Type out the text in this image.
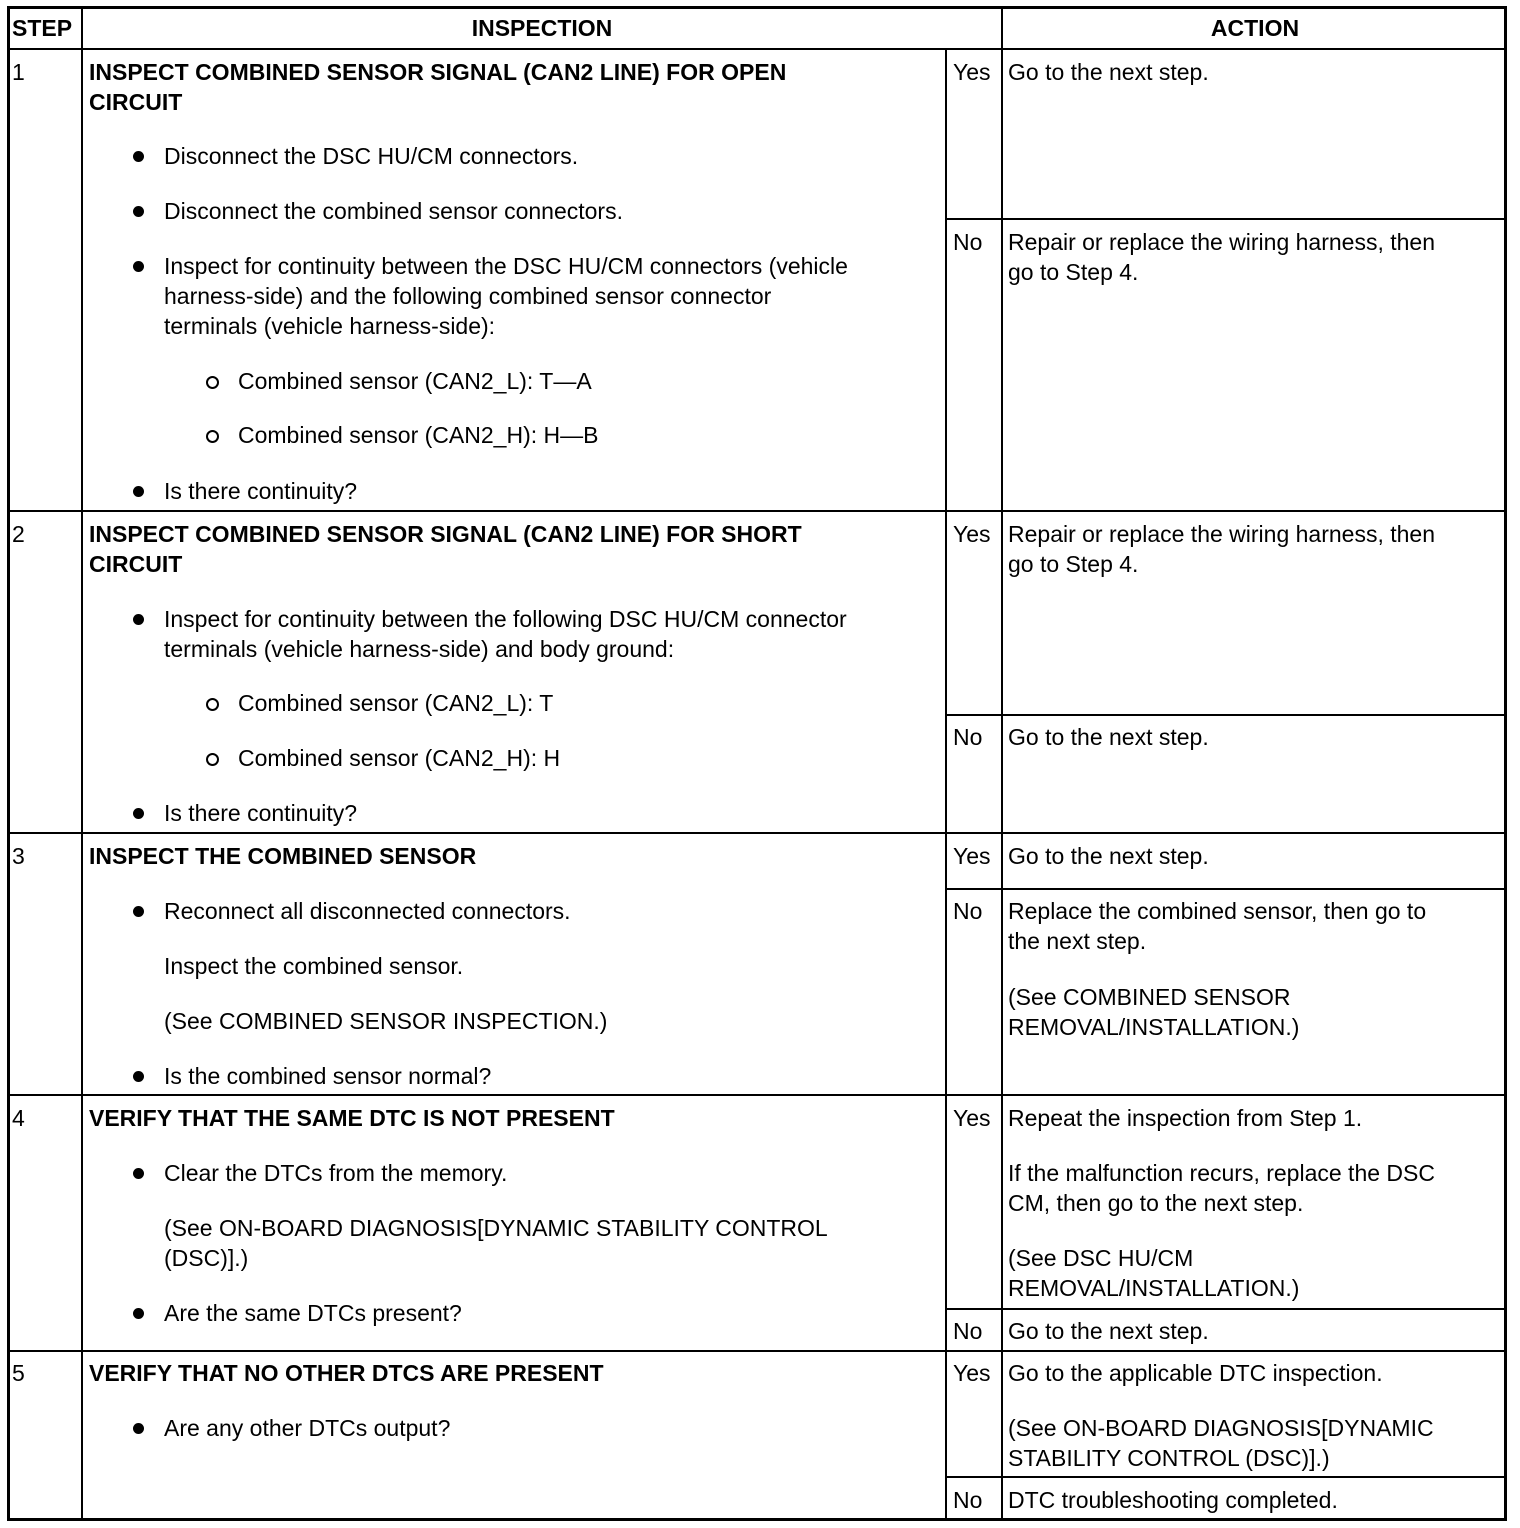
STEP	INSPECTION	ACTION
1	INSPECT COMBINED SENSOR SIGNAL (CAN2 LINE) FOR OPEN
CIRCUIT
Disconnect the DSC HU/CM connectors.
Disconnect the combined sensor connectors.
Inspect for continuity between the DSC HU/CM connectors (vehicle
harness-side) and the following combined sensor connector
terminals (vehicle harness-side):
Combined sensor (CAN2_L): T—A
Combined sensor (CAN2_H): H—B
Is there continuity?
Yes Go to the next step.
No Repair or replace the wiring harness, then
go to Step 4.
2	INSPECT COMBINED SENSOR SIGNAL (CAN2 LINE) FOR SHORT
CIRCUIT
Inspect for continuity between the following DSC HU/CM connector
terminals (vehicle harness-side) and body ground:
Combined sensor (CAN2_L): T
Combined sensor (CAN2_H): H
Is there continuity?
Yes Repair or replace the wiring harness, then
go to Step 4.
No Go to the next step.
3	INSPECT THE COMBINED SENSOR
Reconnect all disconnected connectors.
Inspect the combined sensor.
(See COMBINED SENSOR INSPECTION.)
Is the combined sensor normal?
Yes Go to the next step.
No Replace the combined sensor, then go to
the next step.
(See COMBINED SENSOR
REMOVAL/INSTALLATION.)
4	VERIFY THAT THE SAME DTC IS NOT PRESENT
Clear the DTCs from the memory.
(See ON-BOARD DIAGNOSIS[DYNAMIC STABILITY CONTROL
(DSC)].)
Are the same DTCs present?
Yes Repeat the inspection from Step 1.
If the malfunction recurs, replace the DSC
CM, then go to the next step.
(See DSC HU/CM
REMOVAL/INSTALLATION.)
No Go to the next step.
5	VERIFY THAT NO OTHER DTCS ARE PRESENT
Are any other DTCs output?
Yes Go to the applicable DTC inspection.
(See ON-BOARD DIAGNOSIS[DYNAMIC
STABILITY CONTROL (DSC)].)
No DTC troubleshooting completed.
